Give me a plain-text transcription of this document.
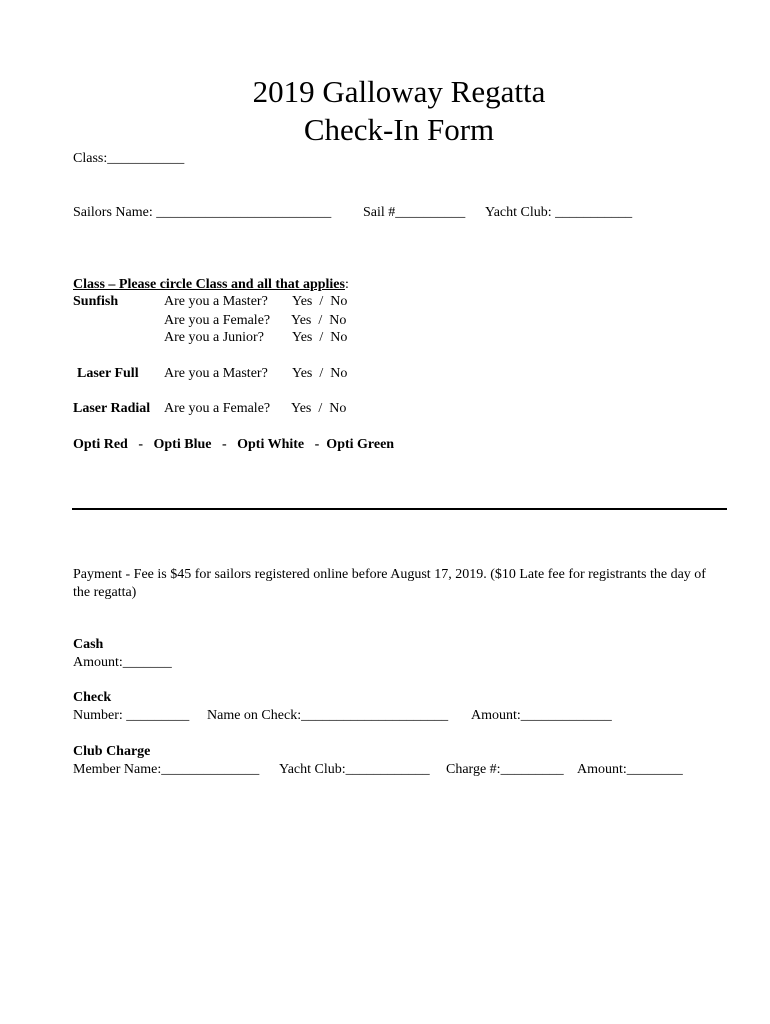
2019 Galloway Regatta
Check-In Form
Class:___________
Sailors Name: _________________________ Sail #__________ Yacht Club: ___________
Class – Please circle Class and all that applies:
Sunfish	Are you a Master? Yes  /  No
Are you a Female? Yes  /  No
Are you a Junior? Yes  /  No
Laser Full Are you a Master? Yes  /  No
Laser Radial Are you a Female? Yes  /  No
Opti Red   -   Opti Blue   -   Opti White   -  Opti Green
Payment - Fee is $45 for sailors registered online before August 17, 2019. ($10 Late fee for registrants the day of the regatta)
Cash
Amount:_______
Check
Number: _________ Name on Check:_____________________ Amount:_____________
Club Charge
Member Name:______________ Yacht Club:____________ Charge #:_________ Amount:________
